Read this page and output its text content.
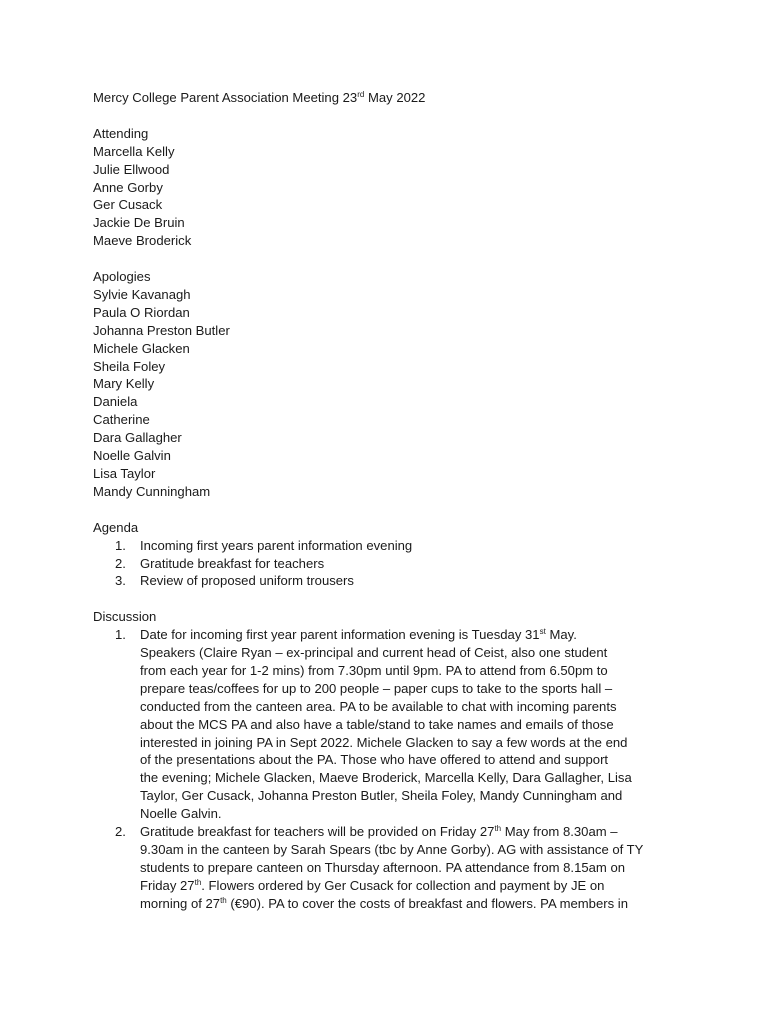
Mercy College Parent Association Meeting 23rd May 2022
Attending
Marcella Kelly
Julie Ellwood
Anne Gorby
Ger Cusack
Jackie De Bruin
Maeve Broderick
Apologies
Sylvie Kavanagh
Paula O Riordan
Johanna Preston Butler
Michele Glacken
Sheila Foley
Mary Kelly
Daniela
Catherine
Dara Gallagher
Noelle Galvin
Lisa Taylor
Mandy Cunningham
Agenda
1. Incoming first years parent information evening
2. Gratitude breakfast for teachers
3. Review of proposed uniform trousers
Discussion
1. Date for incoming first year parent information evening is Tuesday 31st May.
Speakers (Claire Ryan – ex-principal and current head of Ceist, also one student
from each year for 1-2 mins) from 7.30pm until 9pm. PA to attend from 6.50pm to
prepare teas/coffees for up to 200 people – paper cups to take to the sports hall –
conducted from the canteen area. PA to be available to chat with incoming parents
about the MCS PA and also have a table/stand to take names and emails of those
interested in joining PA in Sept 2022. Michele Glacken to say a few words at the end
of the presentations about the PA. Those who have offered to attend and support
the evening; Michele Glacken, Maeve Broderick, Marcella Kelly, Dara Gallagher, Lisa
Taylor, Ger Cusack, Johanna Preston Butler, Sheila Foley, Mandy Cunningham and
Noelle Galvin.
2. Gratitude breakfast for teachers will be provided on Friday 27th May from 8.30am –
9.30am in the canteen by Sarah Spears (tbc by Anne Gorby). AG with assistance of TY
students to prepare canteen on Thursday afternoon. PA attendance from 8.15am on
Friday 27th. Flowers ordered by Ger Cusack for collection and payment by JE on
morning of 27th (€90). PA to cover the costs of breakfast and flowers. PA members in
